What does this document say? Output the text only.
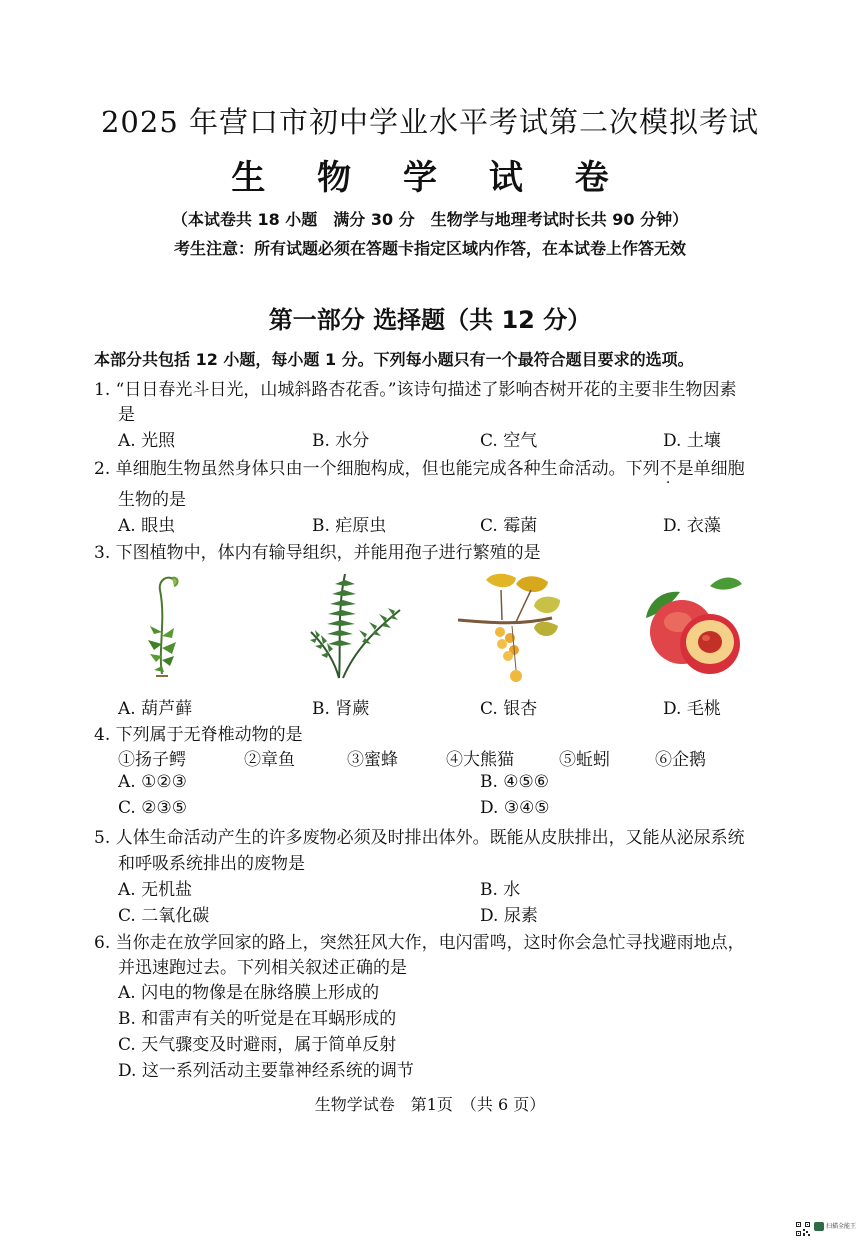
2025 年营口市初中学业水平考试第二次模拟考试
生 物 学 试 卷
（本试卷共 18 小题　满分 30 分　生物学与地理考试时长共 90 分钟）
考生注意：所有试题必须在答题卡指定区域内作答，在本试卷上作答无效
第一部分 选择题（共 12 分）
本部分共包括 12 小题，每小题 1 分。下列每小题只有一个最符合题目要求的选项。
1. “日日春光斗日光，山城斜路杏花香。”该诗句描述了影响杏树开花的主要非生物因素
是
A. 光照	B. 水分	C. 空气	D. 土壤
2. 单细胞生物虽然身体只由一个细胞构成，但也能完成各种生命活动。下列不是单细胞
生物的是
A. 眼虫	B. 疟原虫	C. 霉菌	D. 衣藻
3. 下图植物中，体内有输导组织，并能用孢子进行繁殖的是
A. 葫芦藓	B. 肾蕨	C. 银杏	D. 毛桃
4. 下列属于无脊椎动物的是
①扬子鳄	②章鱼	③蜜蜂	④大熊猫	⑤蚯蚓	⑥企鹅
A. ①②③	B. ④⑤⑥
C. ②③⑤	D. ③④⑤
5. 人体生命活动产生的许多废物必须及时排出体外。既能从皮肤排出，又能从泌尿系统
和呼吸系统排出的废物是
A. 无机盐	B. 水
C. 二氧化碳	D. 尿素
6. 当你走在放学回家的路上，突然狂风大作，电闪雷鸣，这时你会急忙寻找避雨地点，
并迅速跑过去。下列相关叙述正确的是
A. 闪电的物像是在脉络膜上形成的
B. 和雷声有关的听觉是在耳蜗形成的
C. 天气骤变及时避雨，属于简单反射
D. 这一系列活动主要靠神经系统的调节
生物学试卷　第1页　（共 6 页）
扫描全能王
